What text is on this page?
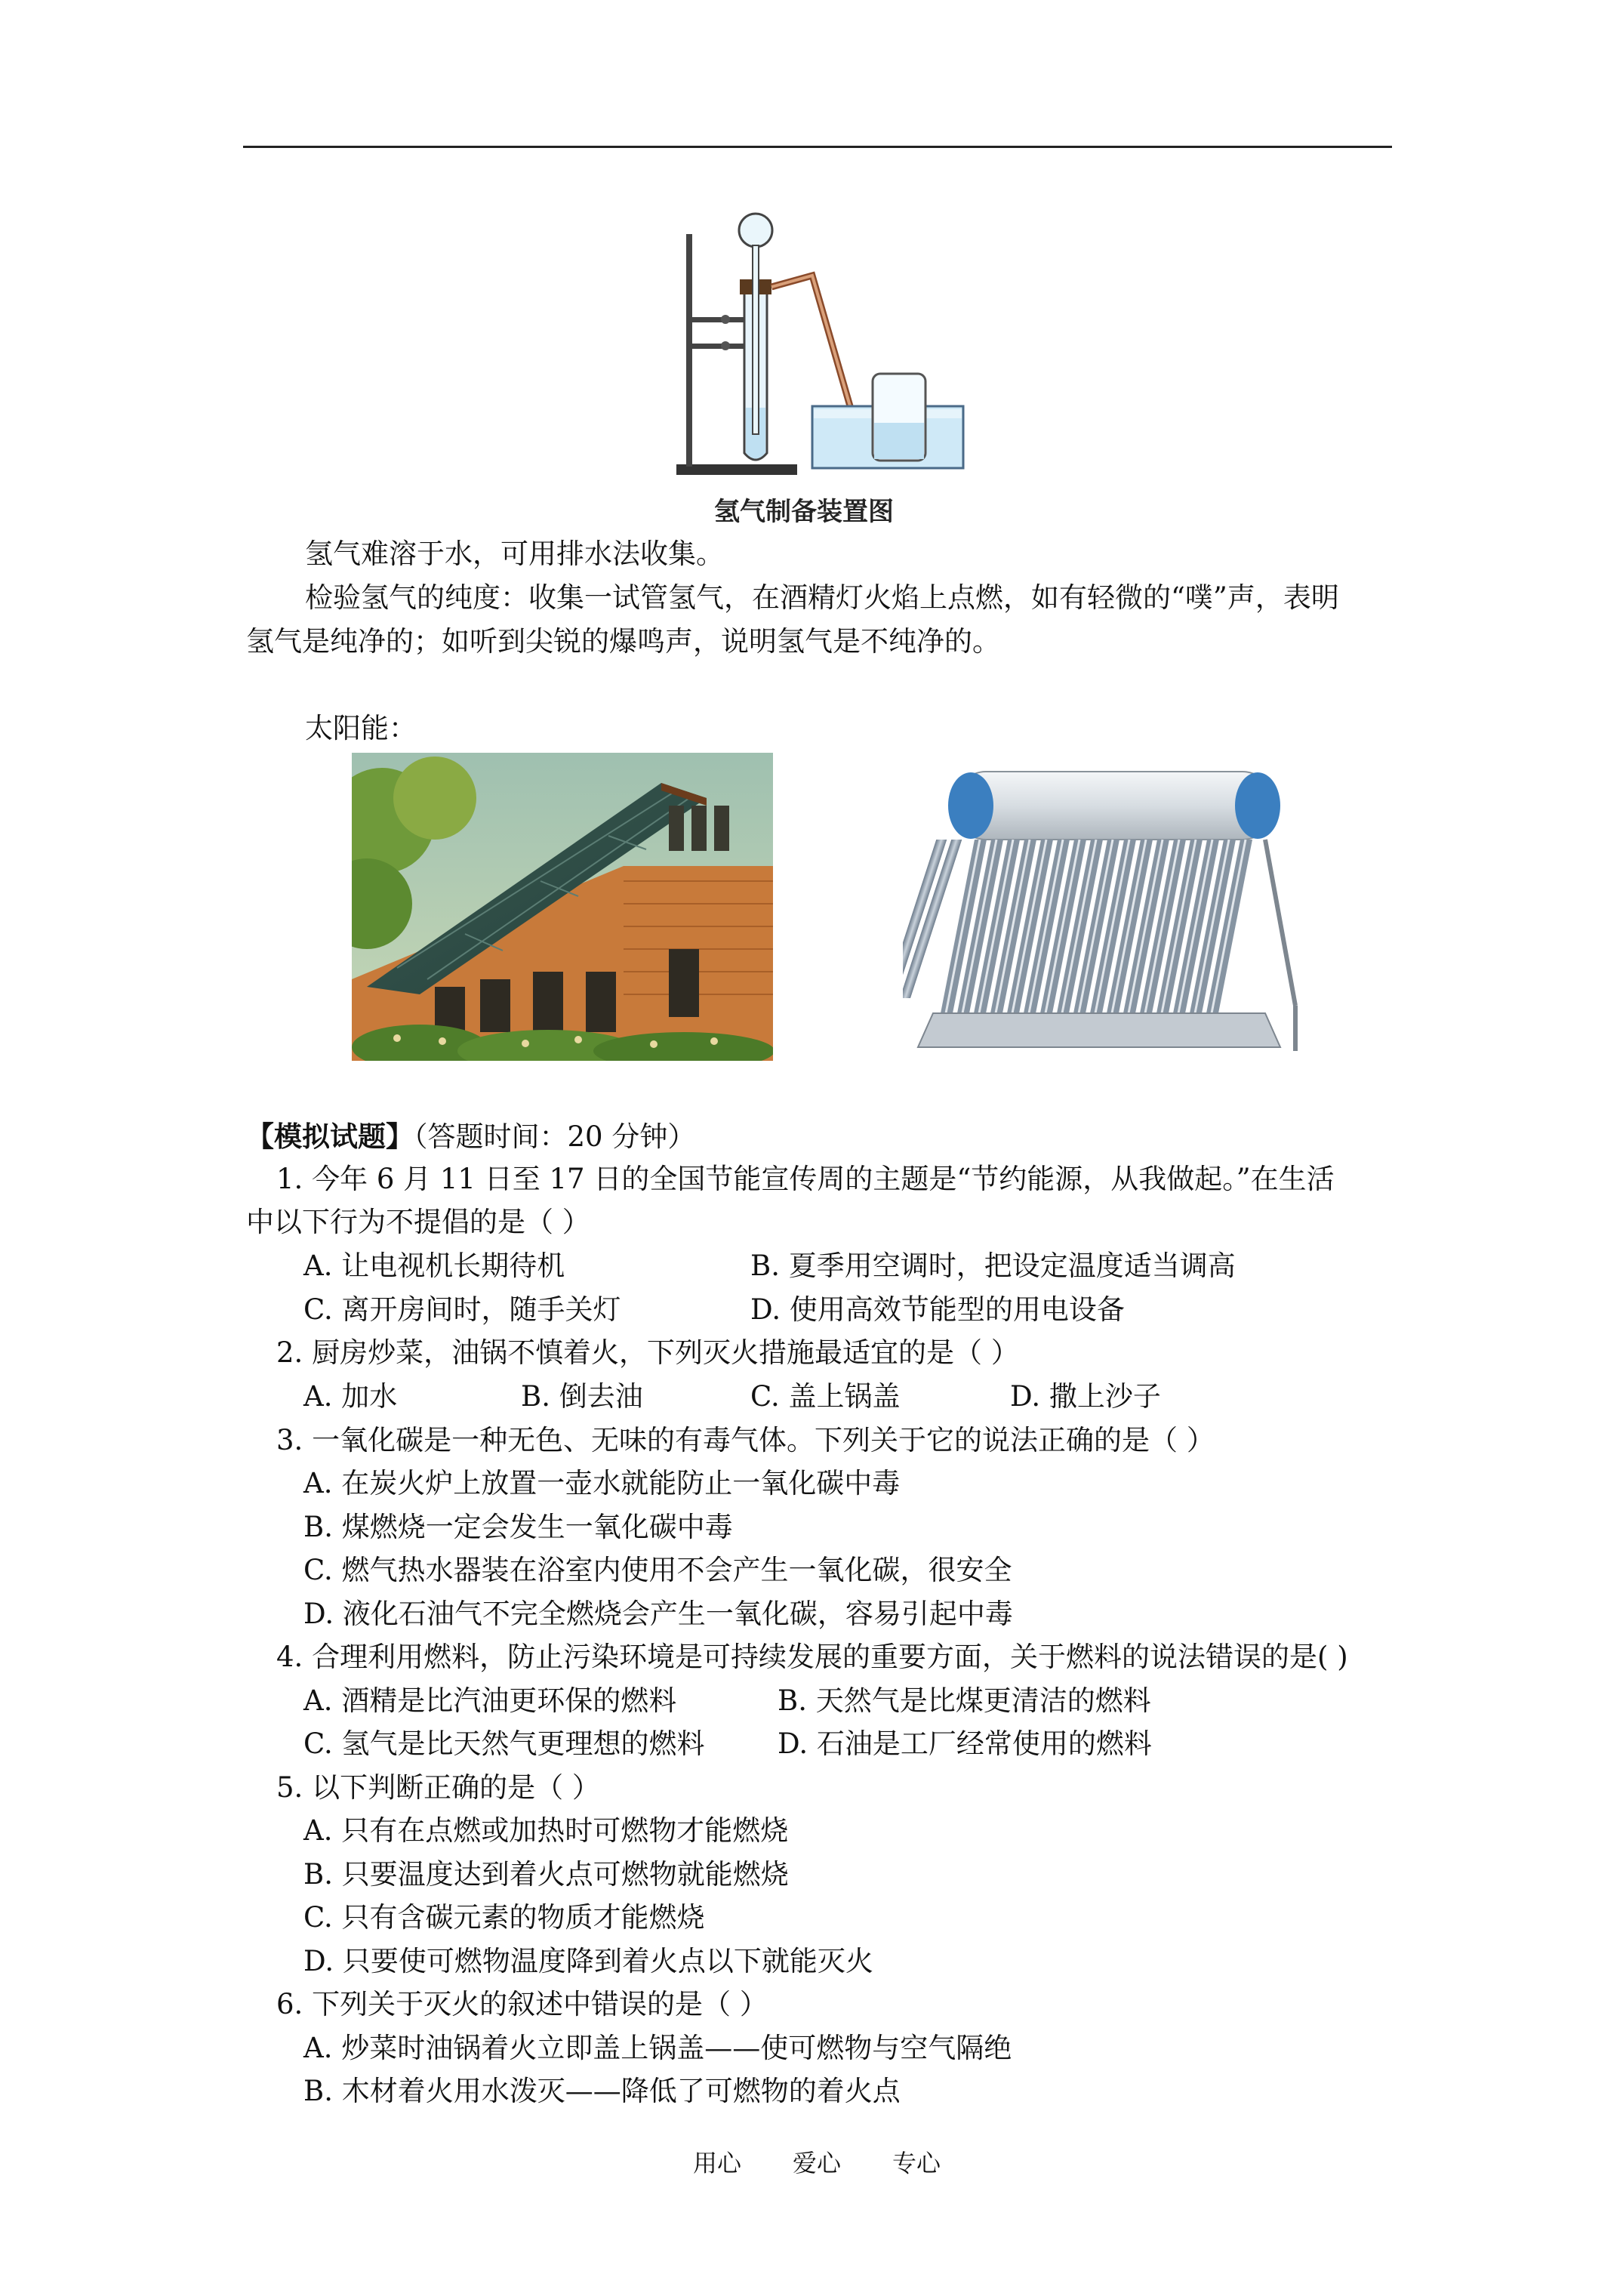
氢气制备装置图
氢气难溶于水，可用排水法收集。
检验氢气的纯度：收集一试管氢气，在酒精灯火焰上点燃，如有轻微的“噗”声，表明
氢气是纯净的；如听到尖锐的爆鸣声，说明氢气是不纯净的。
太阳能：
【模拟试题】（答题时间：20 分钟）
1. 今年 6 月 11 日至 17 日的全国节能宣传周的主题是“节约能源，从我做起。”在生活
中以下行为不提倡的是（ ）
A. 让电视机长期待机	B. 夏季用空调时，把设定温度适当调高
C. 离开房间时，随手关灯	D. 使用高效节能型的用电设备
2. 厨房炒菜，油锅不慎着火，下列灭火措施最适宜的是（ ）
A. 加水	B. 倒去油	C. 盖上锅盖	D. 撒上沙子
3. 一氧化碳是一种无色、无味的有毒气体。下列关于它的说法正确的是（ ）
A. 在炭火炉上放置一壶水就能防止一氧化碳中毒
B. 煤燃烧一定会发生一氧化碳中毒
C. 燃气热水器装在浴室内使用不会产生一氧化碳，很安全
D. 液化石油气不完全燃烧会产生一氧化碳，容易引起中毒
4. 合理利用燃料，防止污染环境是可持续发展的重要方面，关于燃料的说法错误的是( )
A. 酒精是比汽油更环保的燃料	B. 天然气是比煤更清洁的燃料
C. 氢气是比天然气更理想的燃料	D. 石油是工厂经常使用的燃料
5. 以下判断正确的是（ ）
A. 只有在点燃或加热时可燃物才能燃烧
B. 只要温度达到着火点可燃物就能燃烧
C. 只有含碳元素的物质才能燃烧
D. 只要使可燃物温度降到着火点以下就能灭火
6. 下列关于灭火的叙述中错误的是（ ）
A. 炒菜时油锅着火立即盖上锅盖——使可燃物与空气隔绝
B. 木材着火用水泼灭——降低了可燃物的着火点
用心 爱心 专心
